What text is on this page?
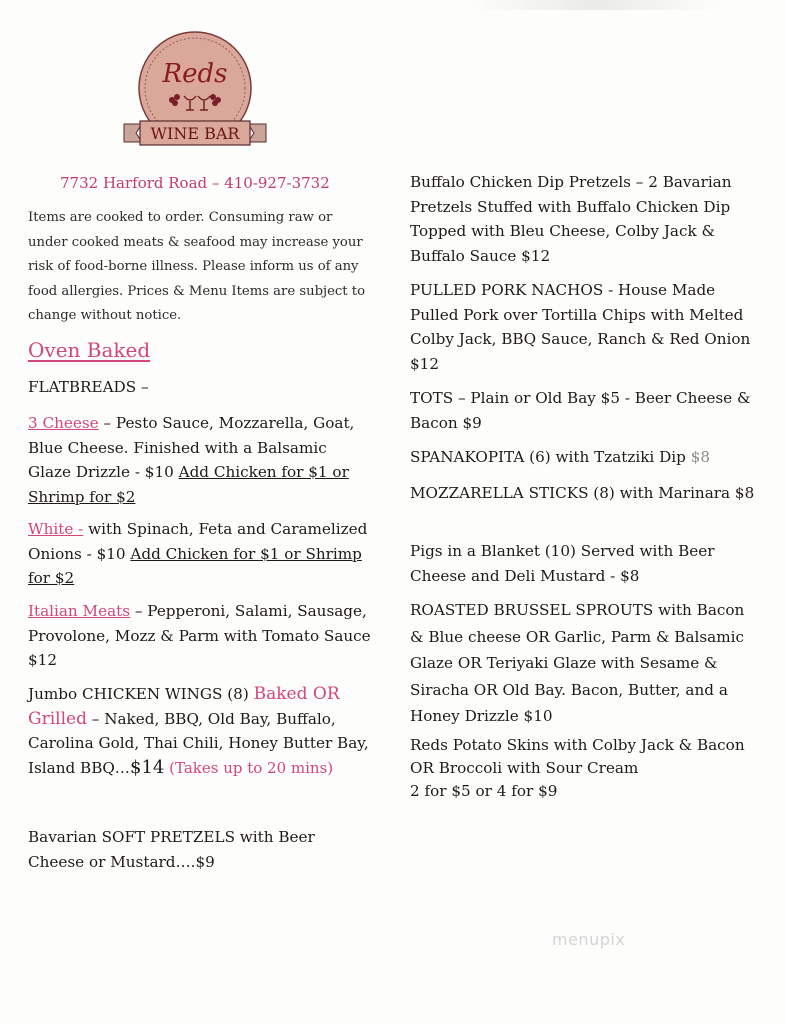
Reds
WINE BAR
7732 Harford Road – 410-927-3732
Items are cooked to order. Consuming raw or under cooked meats & seafood may increase your risk of food-borne illness. Please inform us of any food allergies. Prices & Menu Items are subject to change without notice.
Oven Baked
FLATBREADS –
3 Cheese – Pesto Sauce, Mozzarella, Goat, Blue Cheese. Finished with a Balsamic Glaze Drizzle - $10 Add Chicken for $1 or Shrimp for $2
White - with Spinach, Feta and Caramelized Onions - $10 Add Chicken for $1 or Shrimp for $2
Italian Meats – Pepperoni, Salami, Sausage, Provolone, Mozz & Parm with Tomato Sauce $12
Jumbo CHICKEN WINGS (8) Baked OR Grilled – Naked, BBQ, Old Bay, Buffalo, Carolina Gold, Thai Chili, Honey Butter Bay, Island BBQ…$14 (Takes up to 20 mins)
Bavarian SOFT PRETZELS with Beer Cheese or Mustard….$9
Buffalo Chicken Dip Pretzels – 2 Bavarian Pretzels Stuffed with Buffalo Chicken Dip Topped with Bleu Cheese, Colby Jack & Buffalo Sauce $12
PULLED PORK NACHOS - House Made Pulled Pork over Tortilla Chips with Melted Colby Jack, BBQ Sauce, Ranch & Red Onion $12
TOTS – Plain or Old Bay $5 - Beer Cheese & Bacon $9
SPANAKOPITA (6) with Tzatziki Dip $8
MOZZARELLA STICKS (8) with Marinara $8
Pigs in a Blanket (10) Served with Beer Cheese and Deli Mustard - $8
ROASTED BRUSSEL SPROUTS with Bacon & Blue cheese OR Garlic, Parm & Balsamic Glaze OR Teriyaki Glaze with Sesame & Siracha OR Old Bay. Bacon, Butter, and a Honey Drizzle $10
Reds Potato Skins with Colby Jack & Bacon OR Broccoli with Sour Cream
2 for $5 or 4 for $9
menupix
